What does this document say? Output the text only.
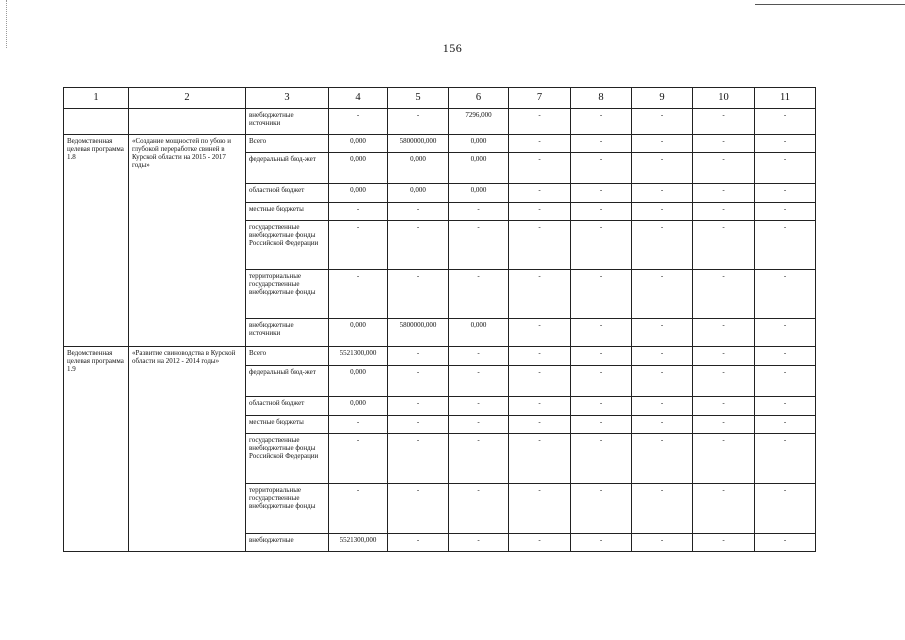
156
1	2	3	4	5	6	7	8	9	10	11
		внебюджетные источники	-	-	7296,000	-	-	-	-	-
Ведомственная целевая программа 1.8	«Создание мощностей по убою и глубокой переработке свиней в Курской области на 2015 - 2017 годы»	Всего	0,000	5800000,000	0,000	-	-	-	-	-
		федеральный бюд-жет	0,000	0,000	0,000	-	-	-	-	-
		областной бюджет	0,000	0,000	0,000	-	-	-	-	-
		местные бюджеты	-	-	-	-	-	-	-	-
		государственные внебюджетные фонды Российской Федерации	-	-	-	-	-	-	-	-
		территориальные государственные внебюджетные фонды	-	-	-	-	-	-	-	-
		внебюджетные источники	0,000	5800000,000	0,000	-	-	-	-	-
Ведомственная целевая программа 1.9	«Развитие свиноводства в Курской области на 2012 - 2014 годы»	Всего	5521300,000	-	-	-	-	-	-	-
		федеральный бюд-жет	0,000	-	-	-	-	-	-	-
		областной бюджет	0,000	-	-	-	-	-	-	-
		местные бюджеты	-	-	-	-	-	-	-	-
		государственные внебюджетные фонды Российской Федерации	-	-	-	-	-	-	-	-
		территориальные государственные внебюджетные фонды	-	-	-	-	-	-	-	-
		внебюджетные	5521300,000	-	-	-	-	-	-	-
